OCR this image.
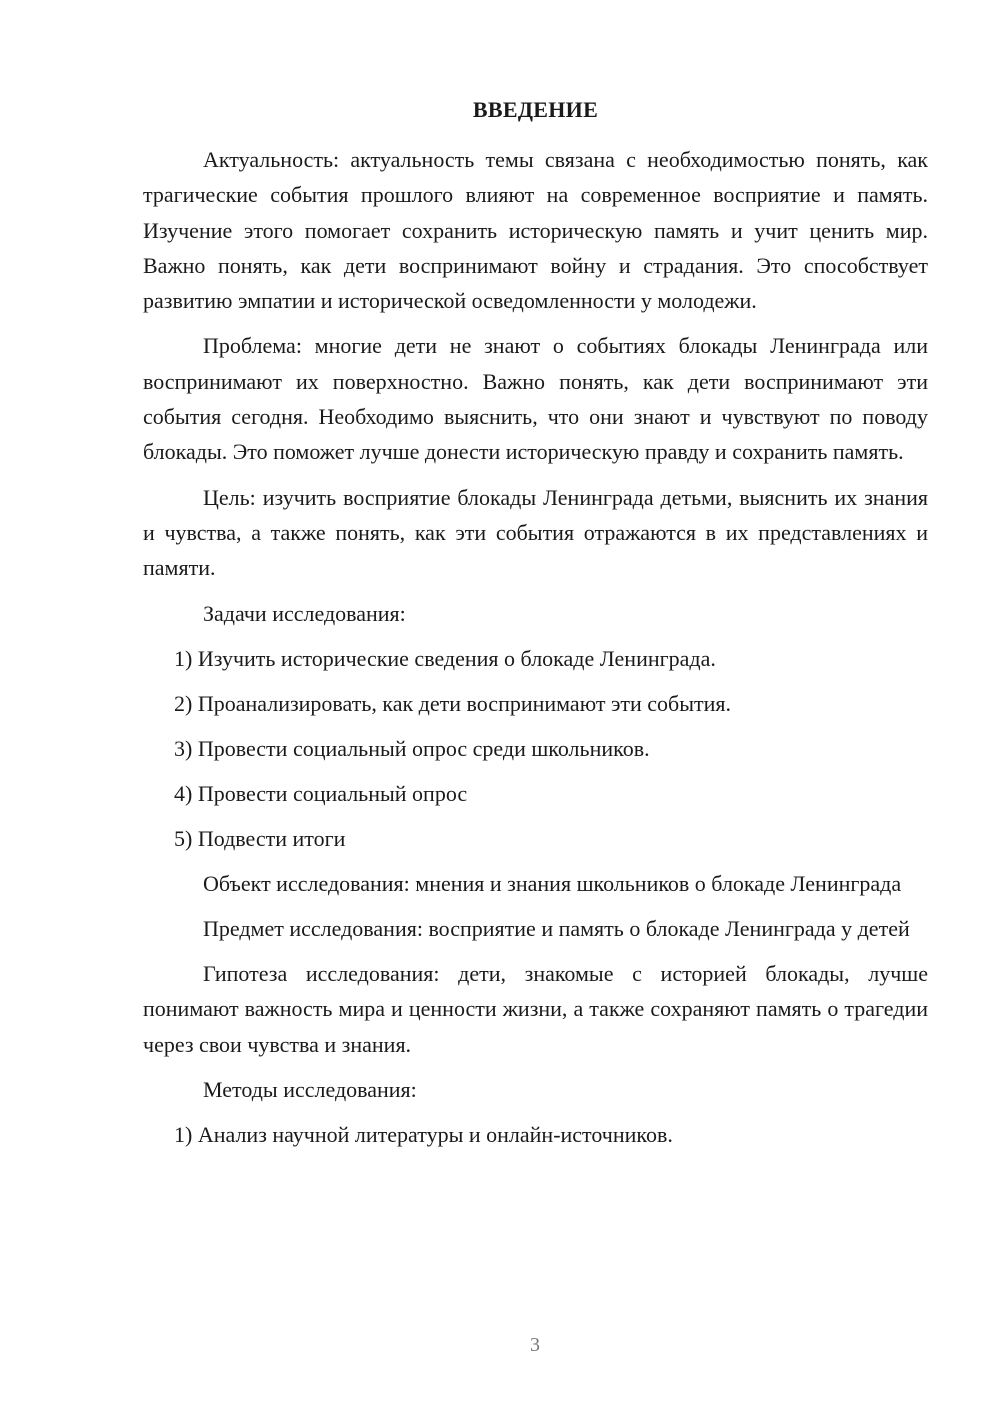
ВВЕДЕНИЕ

Актуальность: актуальность темы связана с необходимостью понять, как трагические события прошлого влияют на современное восприятие и память. Изучение этого помогает сохранить историческую память и учит ценить мир. Важно понять, как дети воспринимают войну и страдания. Это способствует развитию эмпатии и исторической осведомленности у молодежи.

Проблема: многие дети не знают о событиях блокады Ленинграда или воспринимают их поверхностно. Важно понять, как дети воспринимают эти события сегодня. Необходимо выяснить, что они знают и чувствуют по поводу блокады. Это поможет лучше донести историческую правду и сохранить память.

Цель: изучить восприятие блокады Ленинграда детьми, выяснить их знания и чувства, а также понять, как эти события отражаются в их представлениях и памяти.

Задачи исследования:
1) Изучить исторические сведения о блокаде Ленинграда.
2) Проанализировать, как дети воспринимают эти события.
3) Провести социальный опрос среди школьников.
4) Провести социальный опрос
5) Подвести итоги

Объект исследования: мнения и знания школьников о блокаде Ленинграда

Предмет исследования: восприятие и память о блокаде Ленинграда у детей

Гипотеза исследования: дети, знакомые с историей блокады, лучше понимают важность мира и ценности жизни, а также сохраняют память о трагедии через свои чувства и знания.

Методы исследования:
1) Анализ научной литературы и онлайн-источников.
3
